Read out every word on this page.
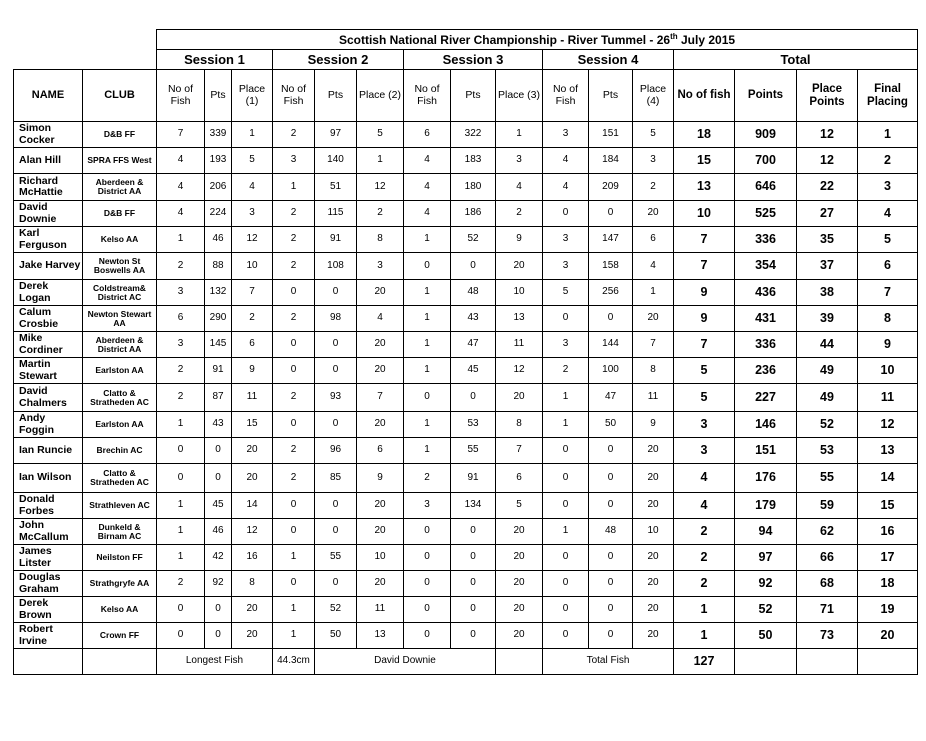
		Scottish National River Championship - River Tummel - 26th July 2015															
		Session 1			Session 2			Session 3			Session 4			Total			
NAME	CLUB	No of Fish	Pts	Place (1)	No of Fish	Pts	Place (2)	No of Fish	Pts	Place (3)	No of Fish	Pts	Place (4)	No of fish	Points	Place Points	Final Placing
Simon Cocker	D&B FF	7	339	1	2	97	5	6	322	1	3	151	5	18	909	12	1
Alan Hill	SPRA FFS West	4	193	5	3	140	1	4	183	3	4	184	3	15	700	12	2
Richard McHattie	Aberdeen & District AA	4	206	4	1	51	12	4	180	4	4	209	2	13	646	22	3
David Downie	D&B FF	4	224	3	2	115	2	4	186	2	0	0	20	10	525	27	4
Karl Ferguson	Kelso AA	1	46	12	2	91	8	1	52	9	3	147	6	7	336	35	5
Jake Harvey	Newton St Boswells AA	2	88	10	2	108	3	0	0	20	3	158	4	7	354	37	6
Derek Logan	Coldstream& District AC	3	132	7	0	0	20	1	48	10	5	256	1	9	436	38	7
Calum Crosbie	Newton Stewart AA	6	290	2	2	98	4	1	43	13	0	0	20	9	431	39	8
Mike Cordiner	Aberdeen & District AA	3	145	6	0	0	20	1	47	11	3	144	7	7	336	44	9
Martin Stewart	Earlston AA	2	91	9	0	0	20	1	45	12	2	100	8	5	236	49	10
David Chalmers	Clatto & Stratheden AC	2	87	11	2	93	7	0	0	20	1	47	11	5	227	49	11
Andy Foggin	Earlston AA	1	43	15	0	0	20	1	53	8	1	50	9	3	146	52	12
Ian Runcie	Brechin AC	0	0	20	2	96	6	1	55	7	0	0	20	3	151	53	13
Ian Wilson	Clatto & Stratheden AC	0	0	20	2	85	9	2	91	6	0	0	20	4	176	55	14
Donald Forbes	Strathleven AC	1	45	14	0	0	20	3	134	5	0	0	20	4	179	59	15
John McCallum	Dunkeld & Birnam AC	1	46	12	0	0	20	0	0	20	1	48	10	2	94	62	16
James Litster	Neilston FF	1	42	16	1	55	10	0	0	20	0	0	20	2	97	66	17
Douglas Graham	Strathgryfe AA	2	92	8	0	0	20	0	0	20	0	0	20	2	92	68	18
Derek Brown	Kelso AA	0	0	20	1	52	11	0	0	20	0	0	20	1	52	71	19
Robert Irvine	Crown FF	0	0	20	1	50	13	0	0	20	0	0	20	1	50	73	20
		Longest Fish			44.3cm	David Downie					Total Fish			127			
